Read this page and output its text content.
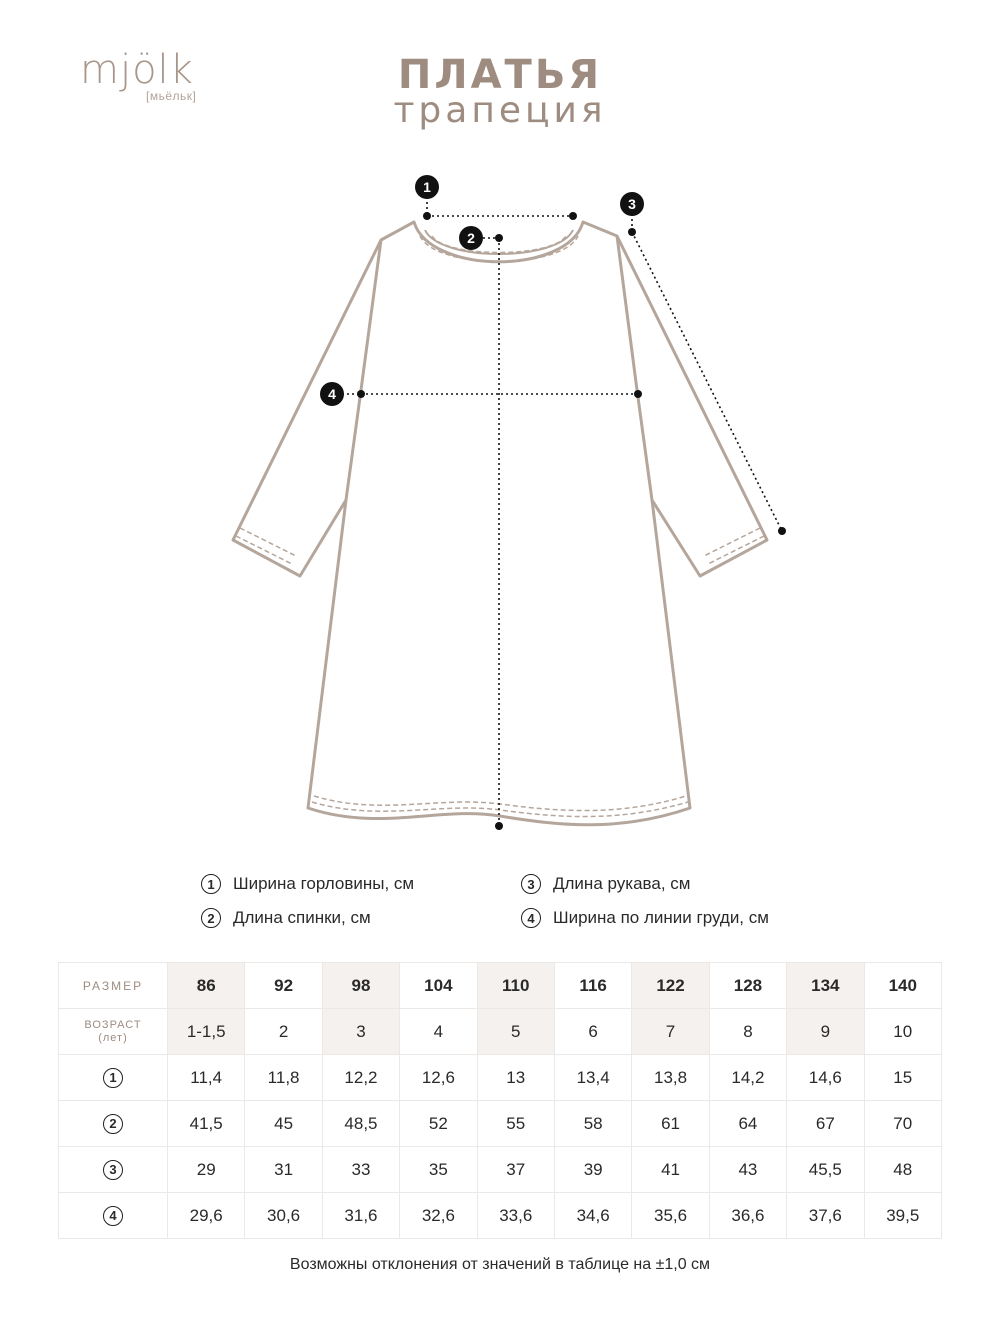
mjölk
[мьёльк]	ПЛАТЬЯ
трапеция
1
2
3
4
1	Ширина горловины, см
2	Длина спинки, см
3	Длина рукава, см
4	Ширина по линии груди, см
РАЗМЕР	86	92	98	104	110	116	122	128	134	140

ВОЗРАСТ
(лет)	1-1,5	2	3	4	5	6	7	8	9	10
1	11,4	11,8	12,2	12,6	13	13,4	13,8	14,2	14,6	15
2	41,5	45	48,5	52	55	58	61	64	67	70
3	29	31	33	35	37	39	41	43	45,5	48
4	29,6	30,6	31,6	32,6	33,6	34,6	35,6	36,6	37,6	39,5
Возможны отклонения от значений в таблице на ±1,0 см
